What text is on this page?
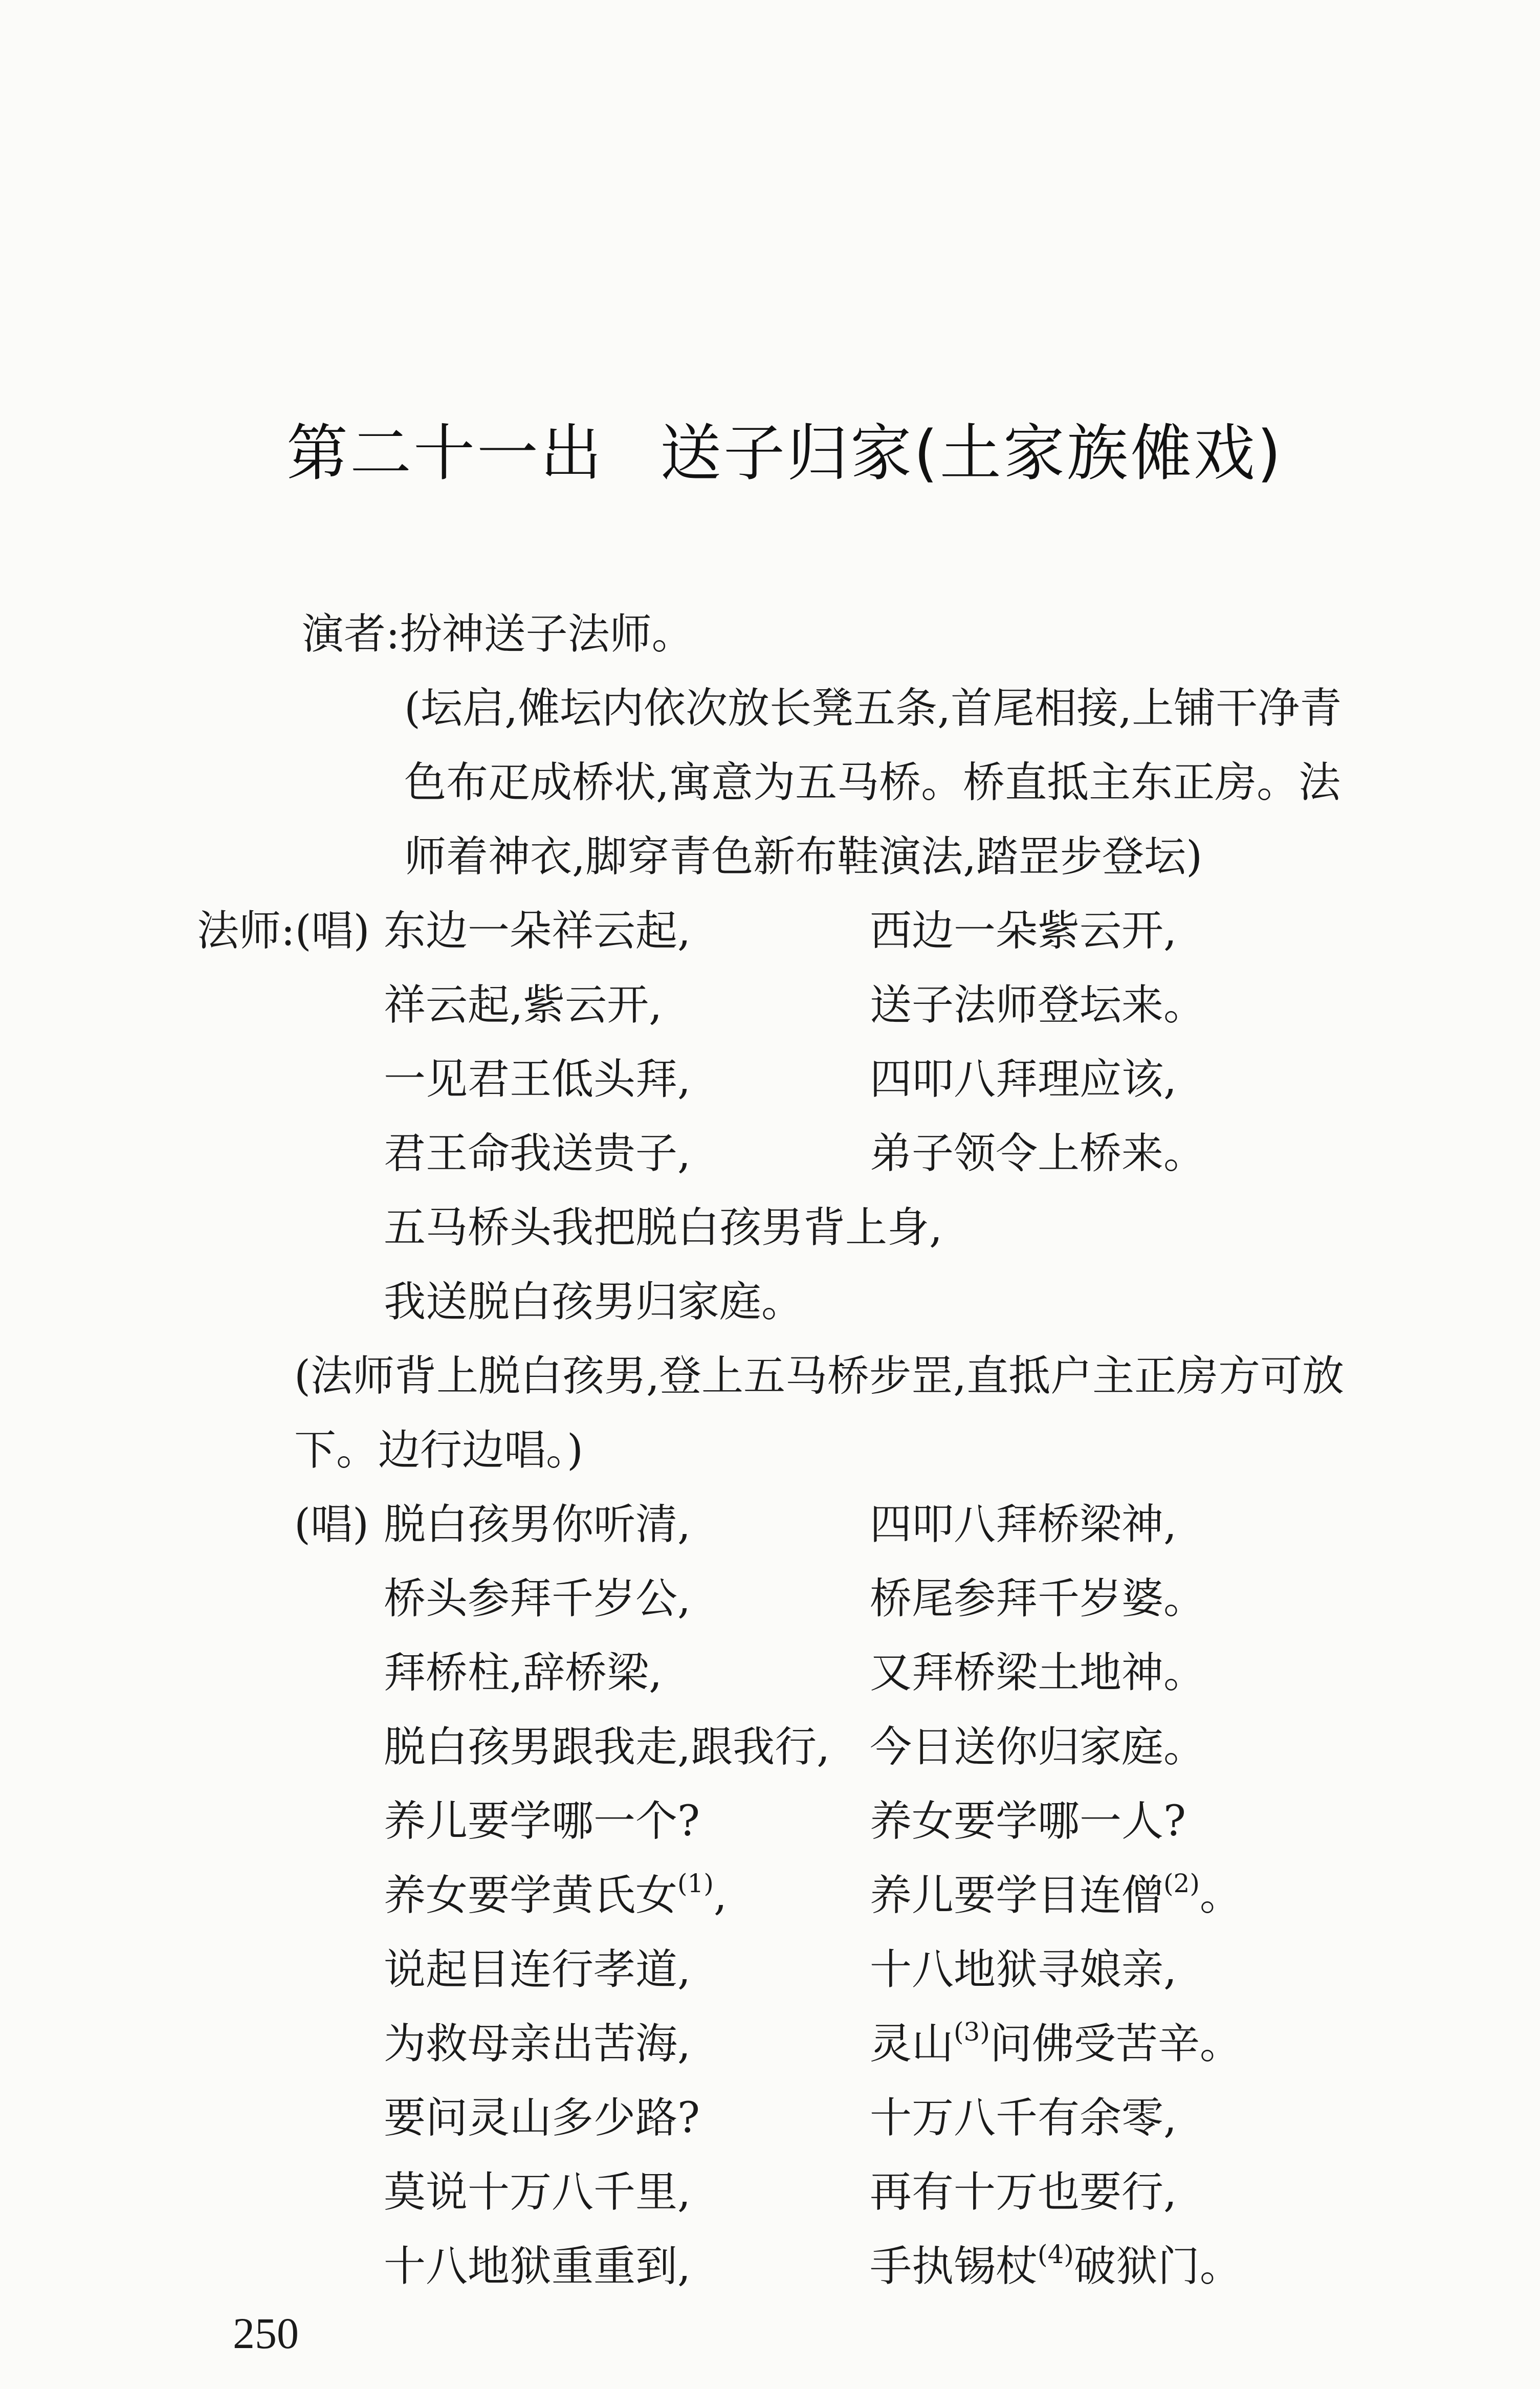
第二十一出 送子归家(土家族傩戏)
演者:扮神送子法师。
(坛启,傩坛内依次放长凳五条,首尾相接,上铺干净青
色布疋成桥状,寓意为五马桥。桥直抵主东正房。法
师着神衣,脚穿青色新布鞋演法,踏罡步登坛)
法师:(唱) 东边一朵祥云起,	西边一朵紫云开,
祥云起,紫云开,	送子法师登坛来。
一见君王低头拜,	四叩八拜理应该,
君王命我送贵子,	弟子领令上桥来。
五马桥头我把脱白孩男背上身,
我送脱白孩男归家庭。
(法师背上脱白孩男,登上五马桥步罡,直抵户主正房方可放
下。边行边唱。)
(唱) 脱白孩男你听清,	四叩八拜桥梁神,
桥头参拜千岁公,	桥尾参拜千岁婆。
拜桥柱,辞桥梁,	又拜桥梁土地神。
脱白孩男跟我走,跟我行, 今日送你归家庭。
养儿要学哪一个?	养女要学哪一人?
养女要学黄氏女$^{(1)}$,	养儿要学目连僧$^{(2)}$。
说起目连行孝道,	十八地狱寻娘亲,
为救母亲出苦海,	灵山$^{(3)}$问佛受苦辛。
要问灵山多少路?	十万八千有余零,
莫说十万八千里,	再有十万也要行,
十八地狱重重到,	手执锡杖$^{(4)}$破狱门。
250
